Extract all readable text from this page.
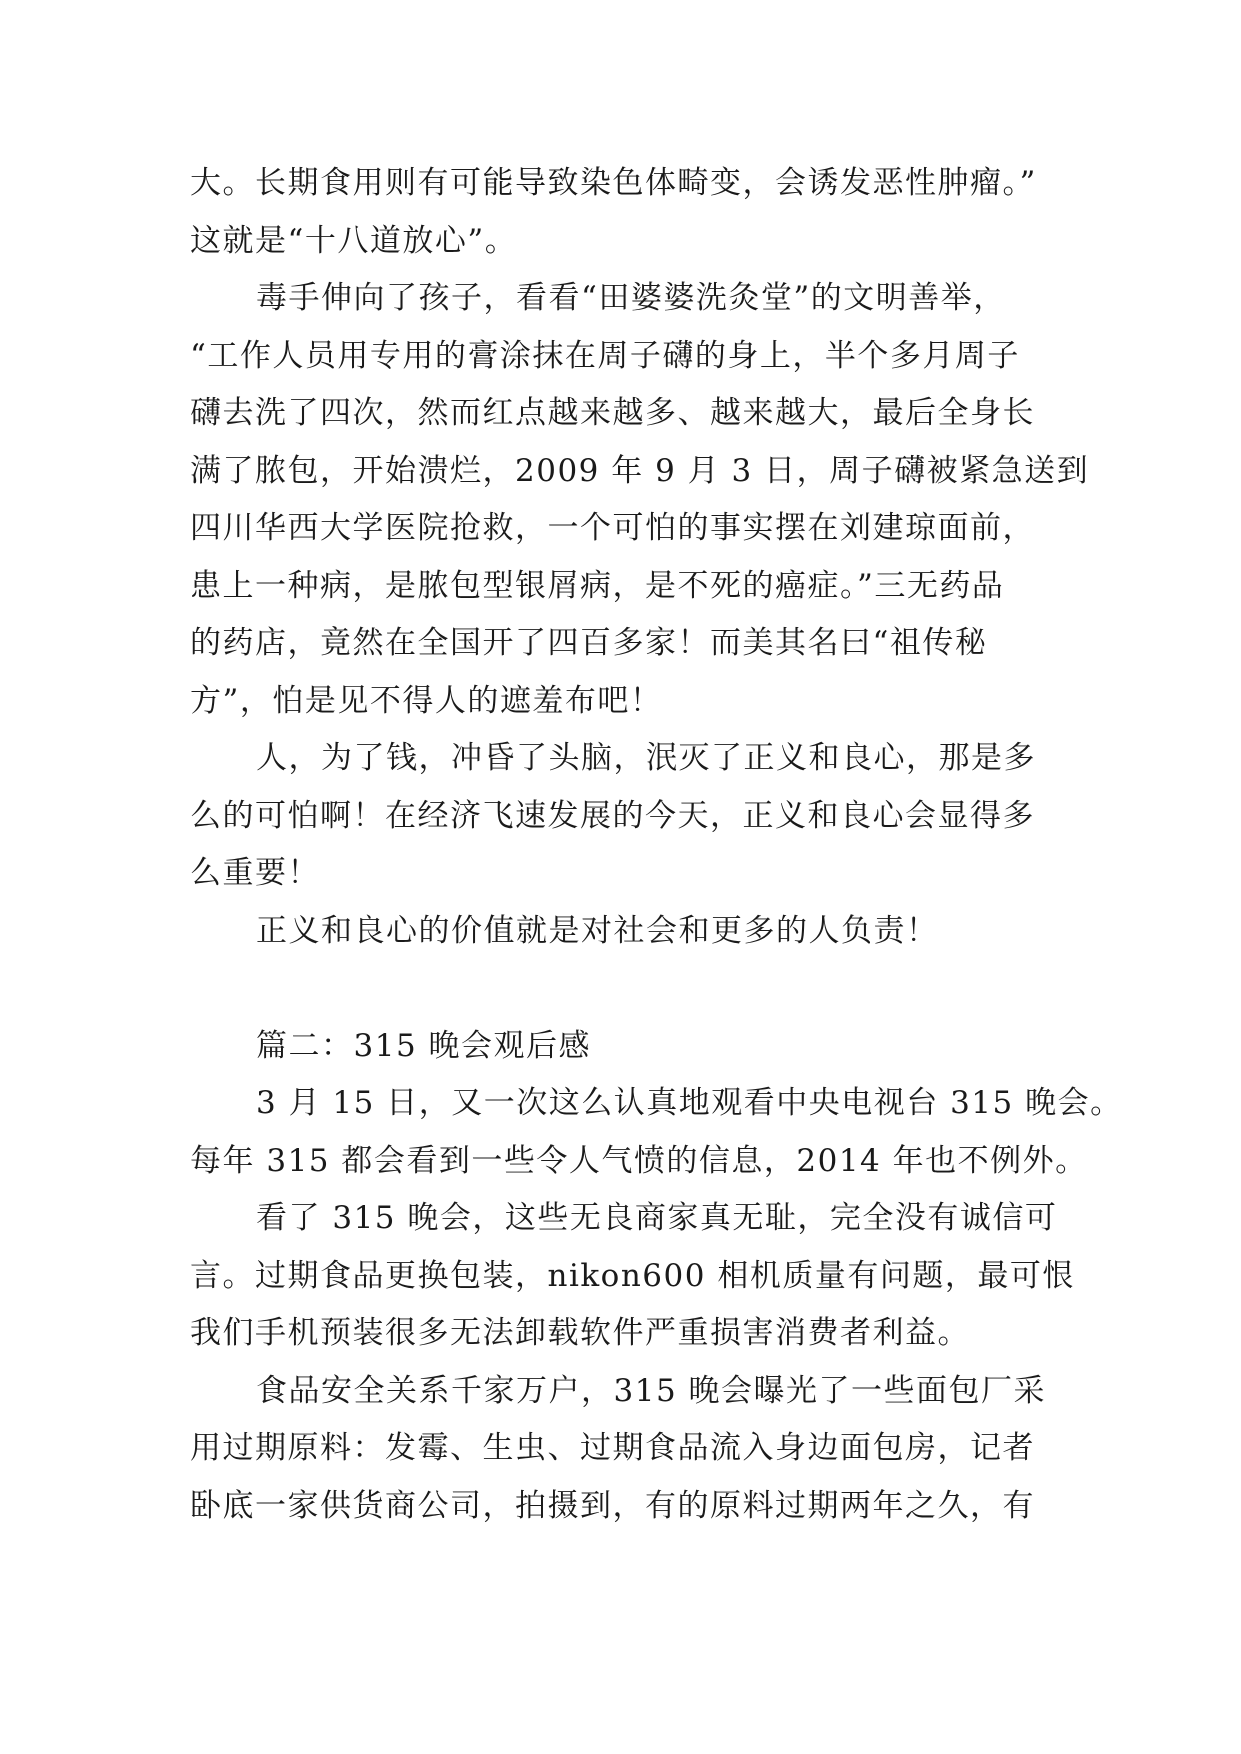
大。长期食用则有可能导致染色体畸变，会诱发恶性肿瘤。”
这就是“十八道放心”。
毒手伸向了孩子，看看“田婆婆洗灸堂”的文明善举，
“工作人员用专用的膏涂抹在周子礴的身上，半个多月周子
礴去洗了四次，然而红点越来越多、越来越大，最后全身长
满了脓包，开始溃烂，2009 年 9 月 3 日，周子礴被紧急送到
四川华西大学医院抢救，一个可怕的事实摆在刘建琼面前，
患上一种病，是脓包型银屑病，是不死的癌症。”三无药品
的药店，竟然在全国开了四百多家！而美其名曰“祖传秘
方”，怕是见不得人的遮羞布吧！
人，为了钱，冲昏了头脑，泯灭了正义和良心，那是多
么的可怕啊！在经济飞速发展的今天，正义和良心会显得多
么重要！
正义和良心的价值就是对社会和更多的人负责！
篇二：315 晚会观后感
3 月 15 日，又一次这么认真地观看中央电视台 315 晚会。
每年 315 都会看到一些令人气愤的信息，2014 年也不例外。
看了 315 晚会，这些无良商家真无耻，完全没有诚信可
言。过期食品更换包装，nikon600 相机质量有问题，最可恨
我们手机预装很多无法卸载软件严重损害消费者利益。
食品安全关系千家万户，315 晚会曝光了一些面包厂采
用过期原料：发霉、生虫、过期食品流入身边面包房，记者
卧底一家供货商公司，拍摄到，有的原料过期两年之久，有
